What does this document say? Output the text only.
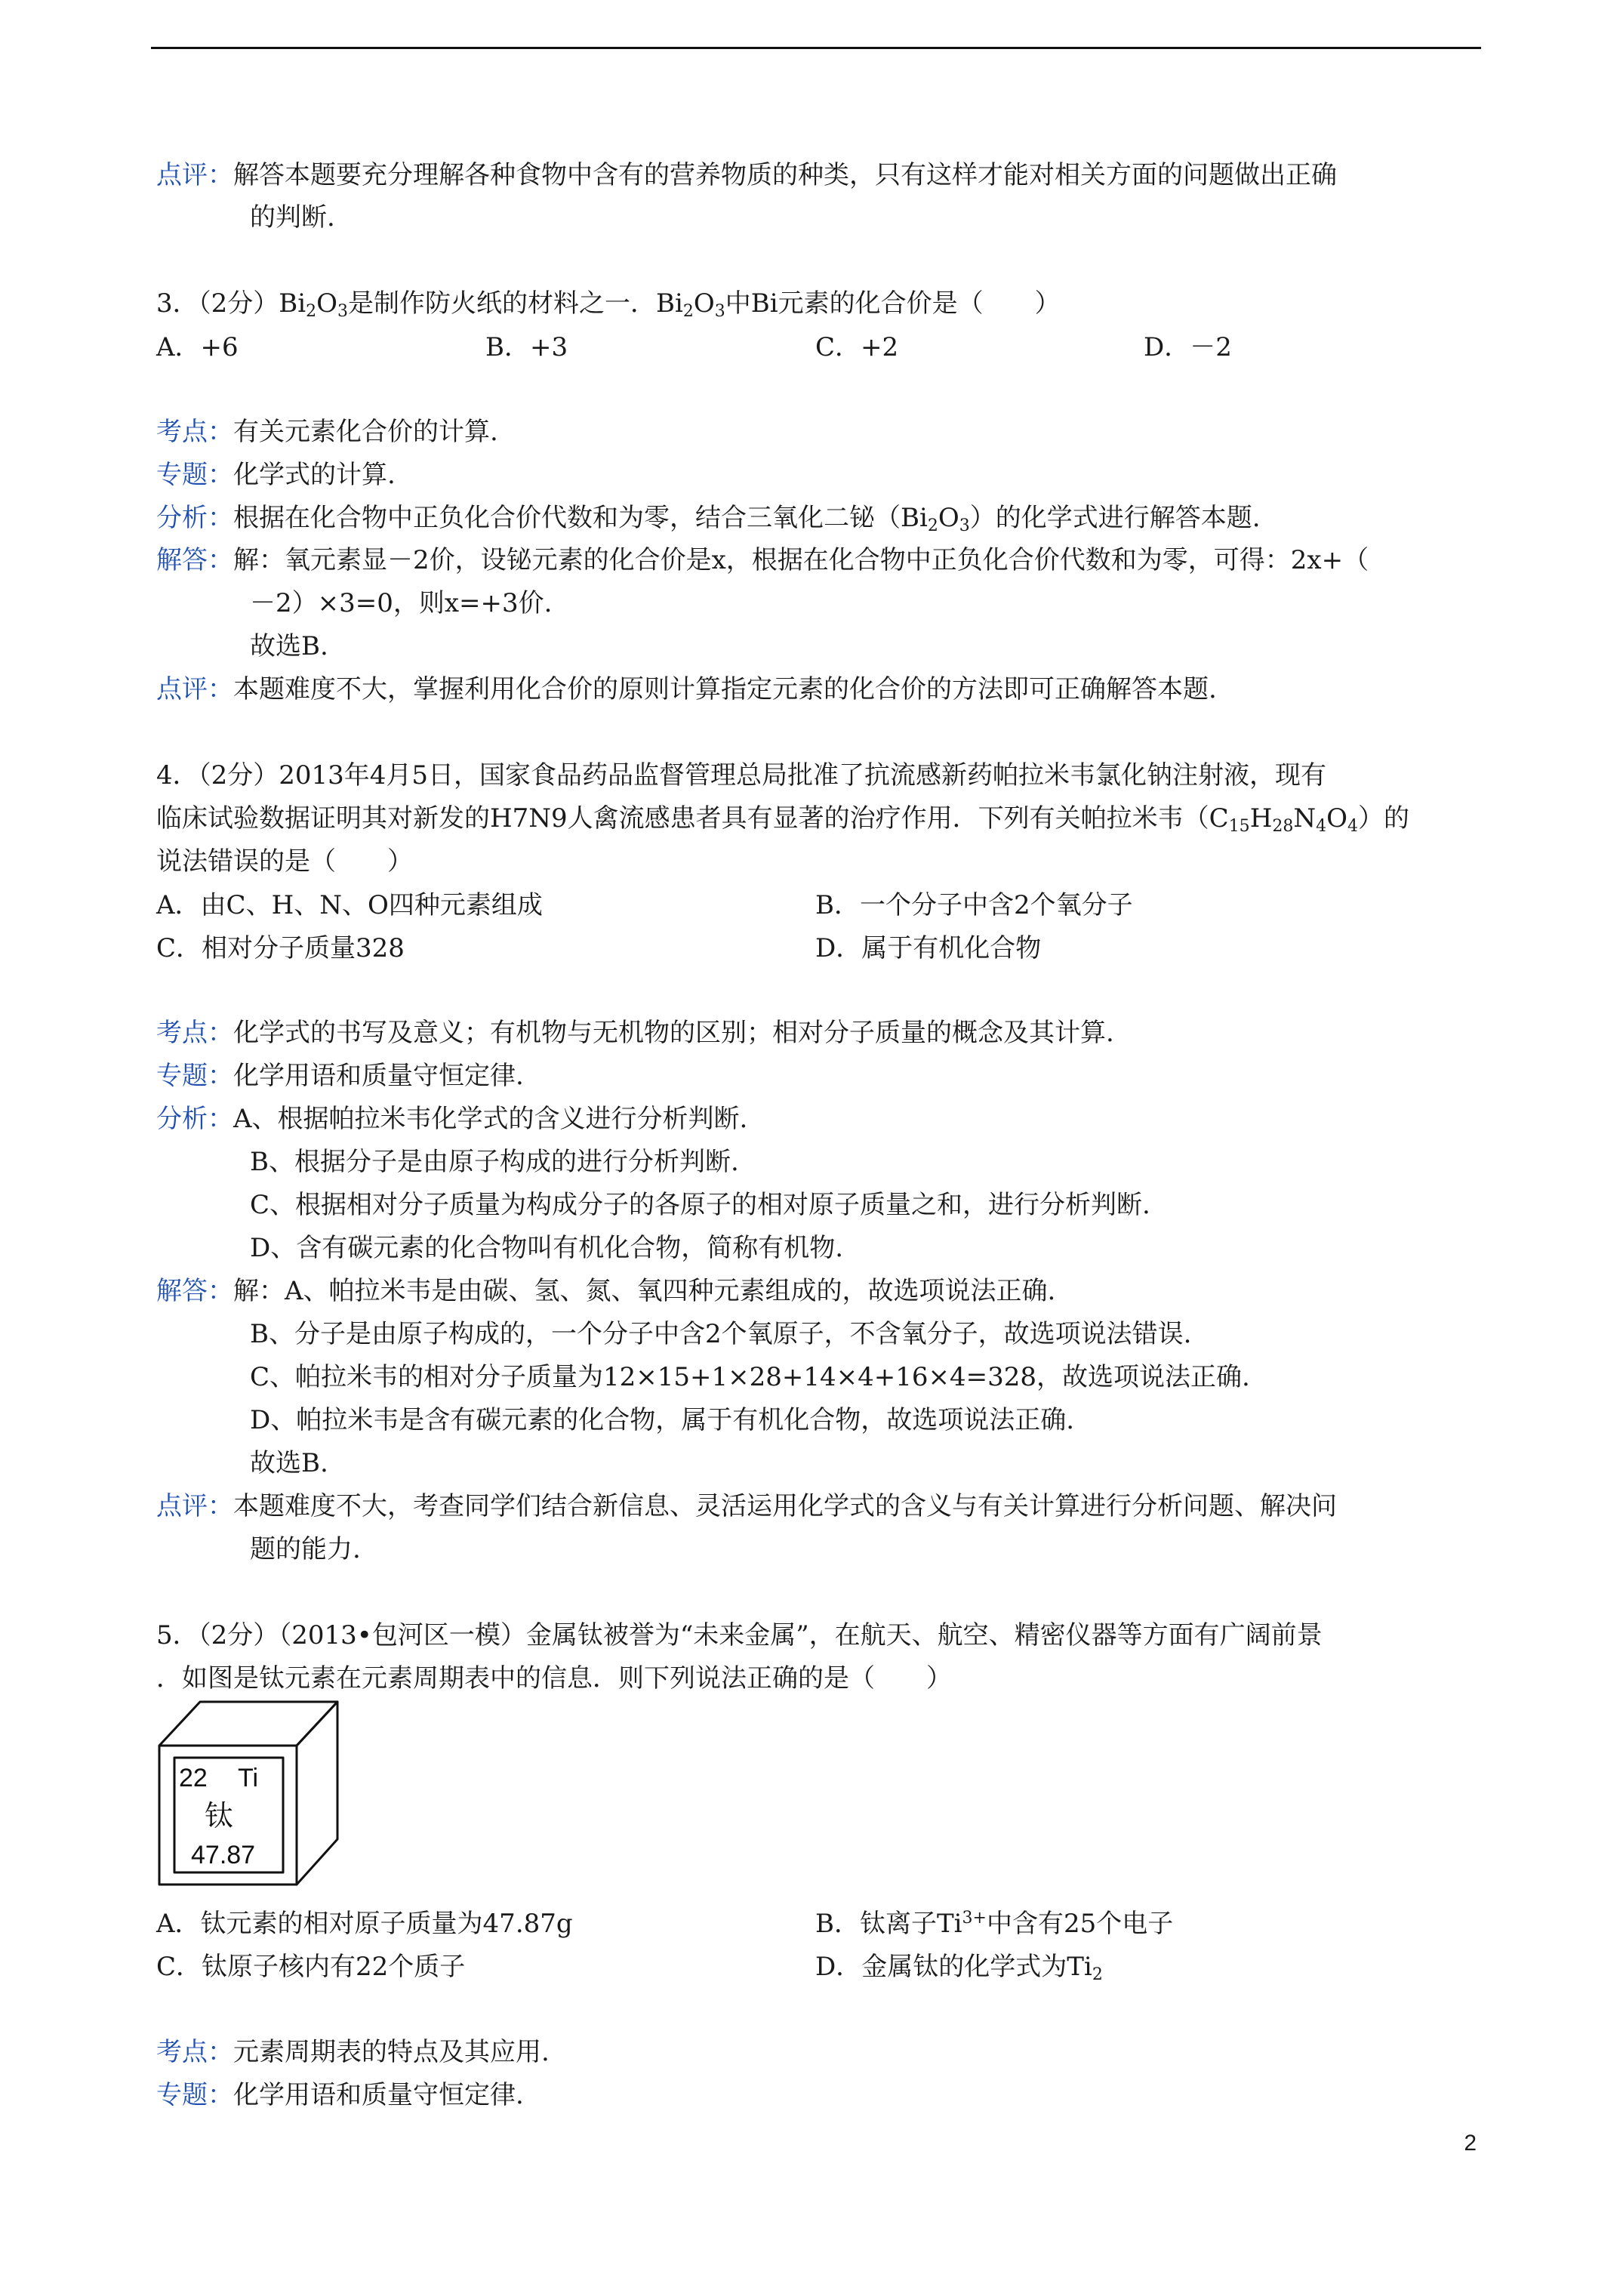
点评：解答本题要充分理解各种食物中含有的营养物质的种类，只有这样才能对相关方面的问题做出正确
的判断.
3．（2分）$Bi_2O_3$是制作防火纸的材料之一．$Bi_2O_3$中Bi元素的化合价是（　　）
A．+6	B．+3	C．+2	D．－2
考点：有关元素化合价的计算.
专题：化学式的计算.
分析：根据在化合物中正负化合价代数和为零，结合三氧化二铋$(Bi_2O_3)$的化学式进行解答本题.
解答：解：氧元素显－2价，设铋元素的化合价是x，根据在化合物中正负化合价代数和为零，可得：2x+（
－2）×3=0，则x=+3价.
故选B.
点评：本题难度不大，掌握利用化合价的原则计算指定元素的化合价的方法即可正确解答本题.
4．（2分）2013年4月5日，国家食品药品监督管理总局批准了抗流感新药帕拉米韦氯化钠注射液，现有
临床试验数据证明其对新发的H7N9人禽流感患者具有显著的治疗作用．下列有关帕拉米韦$(C_{15}H_{28}N_4O_4)$的
说法错误的是（　　）
A．由C、H、N、O四种元素组成	B．一个分子中含2个氧分子
C．相对分子质量328	D．属于有机化合物
考点：化学式的书写及意义；有机物与无机物的区别；相对分子质量的概念及其计算.
专题：化学用语和质量守恒定律.
分析：A、根据帕拉米韦化学式的含义进行分析判断.
B、根据分子是由原子构成的进行分析判断.
C、根据相对分子质量为构成分子的各原子的相对原子质量之和，进行分析判断.
D、含有碳元素的化合物叫有机化合物，简称有机物.
解答：解：A、帕拉米韦是由碳、氢、氮、氧四种元素组成的，故选项说法正确.
B、分子是由原子构成的，一个分子中含2个氧原子，不含氧分子，故选项说法错误.
C、帕拉米韦的相对分子质量为12×15+1×28+14×4+16×4=328，故选项说法正确.
D、帕拉米韦是含有碳元素的化合物，属于有机化合物，故选项说法正确.
故选B.
点评：本题难度不大，考查同学们结合新信息、灵活运用化学式的含义与有关计算进行分析问题、解决问
题的能力.
5．（2分）（2013•包河区一模）金属钛被誉为“未来金属”，在航天、航空、精密仪器等方面有广阔前景
．如图是钛元素在元素周期表中的信息．则下列说法正确的是（　　）
22 Ti
钛
47.87
A．钛元素的相对原子质量为47.87g	B．钛离子$Ti^{3+}$中含有25个电子
C．钛原子核内有22个质子	D．金属钛的化学式为$Ti_2$
考点：元素周期表的特点及其应用.
专题：化学用语和质量守恒定律.
2
